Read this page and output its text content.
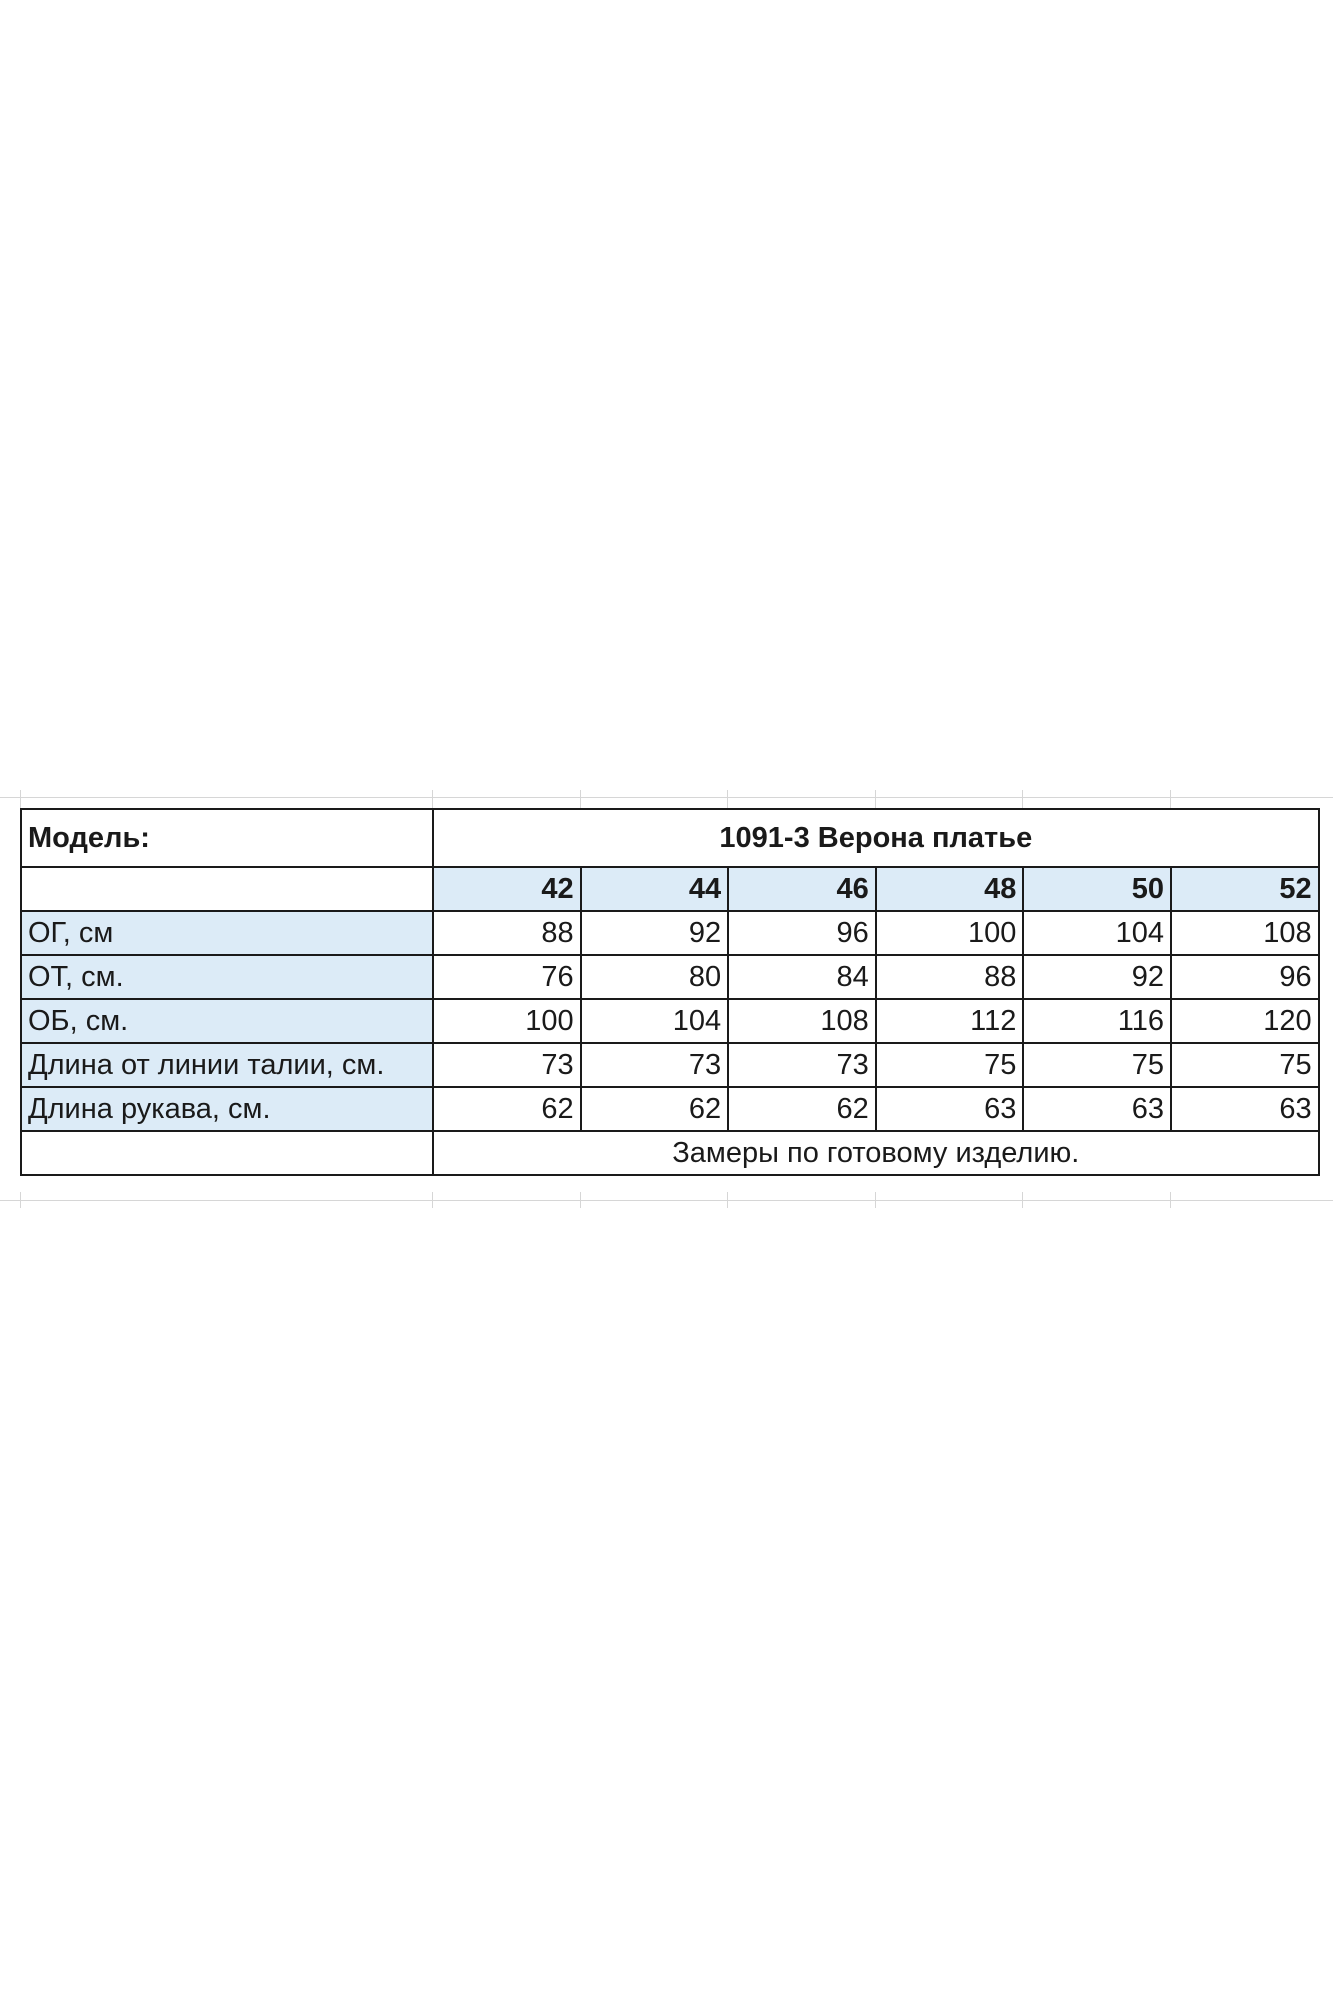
Модель:	1091-3 Верона платье					
	42	44	46	48	50	52
ОГ, см	88	92	96	100	104	108
ОТ, см.	76	80	84	88	92	96
ОБ, см.	100	104	108	112	116	120
Длина от линии талии, см.	73	73	73	75	75	75
Длина рукава, см.	62	62	62	63	63	63
	Замеры по готовому изделию.					
